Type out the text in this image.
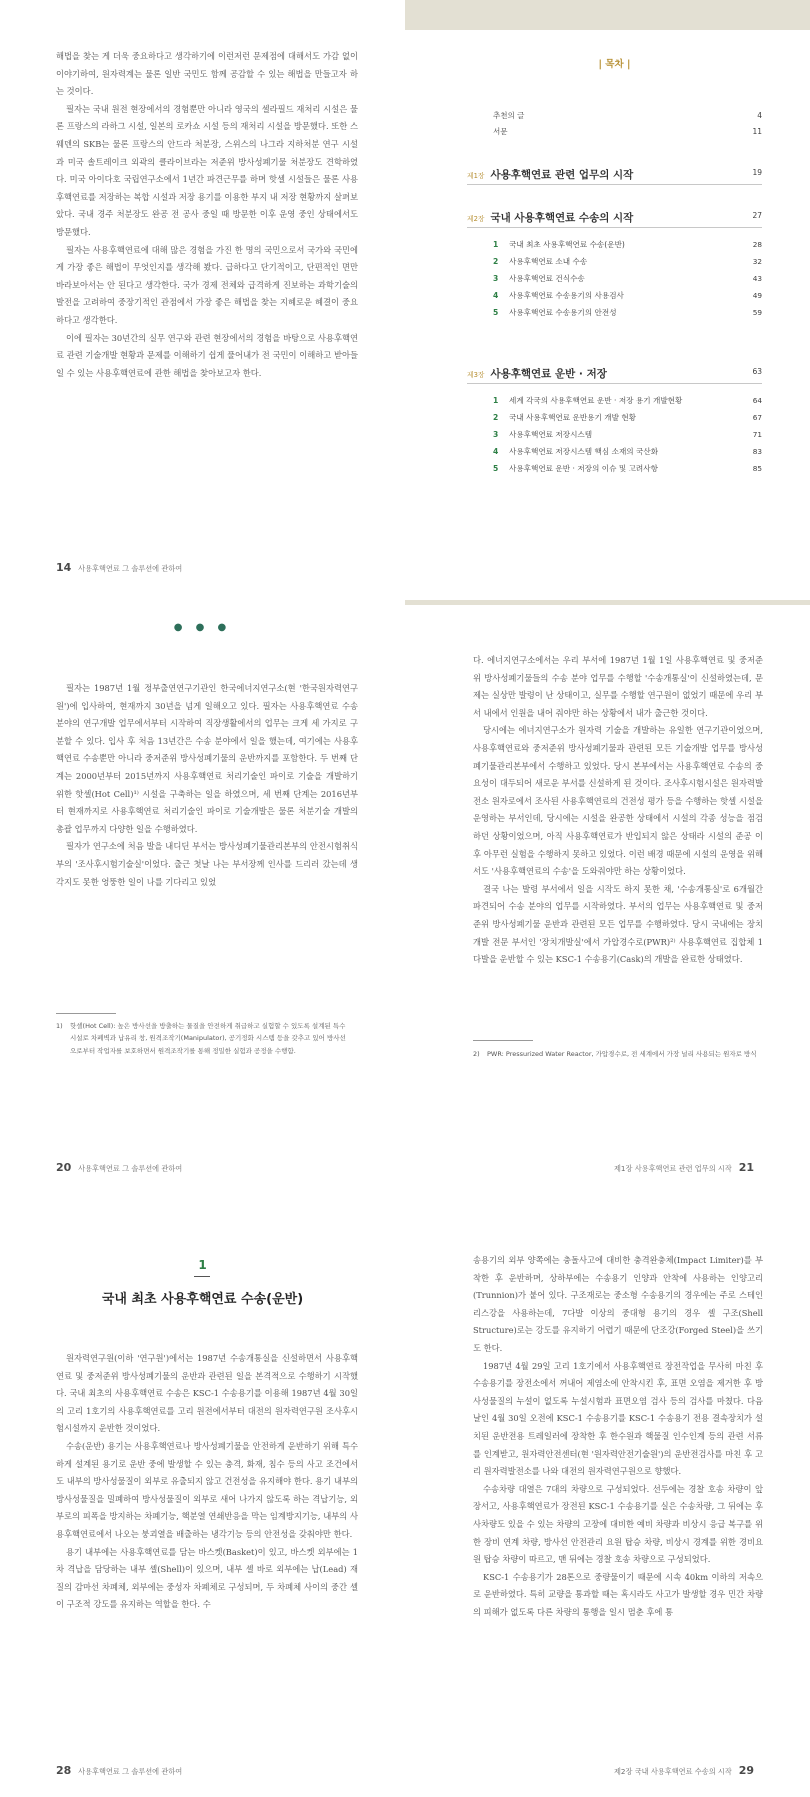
해법을 찾는 게 더욱 중요하다고 생각하기에 이런저런 문제점에 대해서도 가감 없이 이야기하여, 원자력계는 물론 일반 국민도 함께 공감할 수 있는 해법을 만들고자 하는 것이다.

필자는 국내 원전 현장에서의 경험뿐만 아니라 영국의 셀라필드 재처리 시설은 물론 프랑스의 라하그 시설, 일본의 로카쇼 시설 등의 재처리 시설을 방문했다. 또한 스웨덴의 SKB는 물론 프랑스의 안드라 처분장, 스위스의 나그라 지하처분 연구 시설과 미국 솔트레이크 외곽의 클라이브라는 저준위 방사성폐기물 처분장도 견학하였다. 미국 아이다호 국립연구소에서 1년간 파견근무를 하며 핫셀 시설들은 물론 사용후핵연료를 저장하는 복합 시설과 저장 용기를 이용한 부지 내 저장 현황까지 살펴보았다. 국내 경주 처분장도 완공 전 공사 중일 때 방문한 이후 운영 중인 상태에서도 방문했다.

필자는 사용후핵연료에 대해 많은 경험을 가진 한 명의 국민으로서 국가와 국민에게 가장 좋은 해법이 무엇인지를 생각해 봤다. 급하다고 단기적이고, 단편적인 면만 바라보아서는 안 된다고 생각한다. 국가 경제 전체와 급격하게 진보하는 과학기술의 발전을 고려하여 중장기적인 관점에서 가장 좋은 해법을 찾는 지혜로운 혜결이 중요하다고 생각한다.

이에 필자는 30년간의 실무 연구와 관련 현장에서의 경험을 바탕으로 사용후핵연료 관련 기술개발 현황과 문제를 이해하기 쉽게 풀어내가 전 국민이 이해하고 받아들일 수 있는 사용후핵연료에 관한 해법을 찾아보고자 한다.

14 사용후핵연료 그 솔루션에 관하여
| 목차 |
추천의 글	4
서문	11
제1장 사용후핵연료 관련 업무의 시작	19
제2장 국내 사용후핵연료 수송의 시작	27
1 국내 최초 사용후핵연료 수송(운반)	28
2 사용후핵연료 소내 수송	32
3 사용후핵연료 건식수송	43
4 사용후핵연료 수송용기의 사용검사	49
5 사용후핵연료 수송용기의 안전성	59
제3장 사용후핵연료 운반 · 저장	63
1 세계 각국의 사용후핵연료 운반 · 저장 용기 개발현황	64
2 국내 사용후핵연료 운반용기 개발 현황	67
3 사용후핵연료 저장시스템	71
4 사용후핵연료 저장시스템 핵심 소재의 국산화	83
5 사용후핵연료 운반 · 저장의 이슈 및 고려사항	85
● ● ●

필자는 1987년 1월 정부출연연구기관인 한국에너지연구소(현 '한국원자력연구원')에 입사하여, 현재까지 30년을 넘게 일해오고 있다. 필자는 사용후핵연료 수송 분야의 연구개발 업무에서부터 시작하여 직장생활에서의 업무는 크게 세 가지로 구분할 수 있다. 입사 후 처음 13년간은 수송 분야에서 일을 했는데, 여기에는 사용후핵연료 수송뿐만 아니라 중저준위 방사성폐기물의 운반까지를 포함한다. 두 번째 단계는 2000년부터 2015년까지 사용후핵연료 처리기술인 파이로 기술을 개발하기 위한 핫셀(Hot Cell)¹⁾ 시설을 구축하는 일을 하였으며, 세 번째 단계는 2016년부터 현재까지로 사용후핵연료 처리기술인 파이로 기술개발은 물론 처분기술 개발의 총괄 업무까지 다양한 일을 수행하였다.

필자가 연구소에 처음 발을 내디딘 부서는 방사성폐기물관리본부의 안전시험취식부의 '조사후시험기술실'이었다. 출근 첫날 나는 부서장께 인사를 드리러 갔는데 생각지도 못한 엉뚱한 일이 나를 기다리고 있었

1)	핫셀(Hot Cell): 높은 방사선을 방출하는 물질을 안전하게 취급하고 실험할 수 있도록 설계된 특수 시설로 차폐벽과 납유리 창, 원격조작기(Manipulator), 공기정화 시스템 등을 갖추고 있어 방사선으로부터 작업자를 보호하면서 원격조작기를 통해 정밀한 실험과 공정을 수행함.
20 사용후핵연료 그 솔루션에 관하여

다. 에너지연구소에서는 우리 부서에 1987년 1월 1일 사용후핵연료 및 중저준위 방사성폐기물들의 수송 분야 업무를 수행할 '수송개통실'이 신설하였는데, 문제는 실상만 발령이 난 상태이고, 실무를 수행할 연구원이 없었기 때문에 우리 부서 내에서 인원을 내어 줘야만 하는 상황에서 내가 출근한 것이다.

당시에는 에너지연구소가 원자력 기술을 개발하는 유일한 연구기관이었으며, 사용후핵연료와 중저준위 방사성폐기물과 관련된 모든 기술개발 업무를 방사성폐기물관리본부에서 수행하고 있었다. 당시 본부에서는 사용후핵연료 수송의 중요성이 대두되어 새로운 부서를 신설하게 된 것이다. 조사후시험시설은 원자력발전소 원자로에서 조사된 사용후핵연료의 건전성 평가 등을 수행하는 핫셀 시설을 운영하는 부서인데, 당시에는 시설을 완공한 상태에서 시설의 각종 성능을 점검하던 상황이었으며, 아직 사용후핵연료가 반입되지 않은 상태라 시설의 준공 이후 아무런 실험을 수행하지 못하고 있었다. 이런 배경 때문에 시설의 운영을 위해서도 '사용후핵연료의 수송'을 도와줘야만 하는 상황이었다.

결국 나는 발령 부서에서 일을 시작도 하지 못한 채, '수송개통실'로 6개월간 파견되어 수송 분야의 업무를 시작하였다. 부서의 업무는 사용후핵연료 및 중저준위 방사성폐기물 운반과 관련된 모든 업무를 수행하였다. 당시 국내에는 장치개발 전문 부서인 '장치개발실'에서 가압경수로(PWR)²⁾ 사용후핵연료 집합체 1다발을 운반할 수 있는 KSC-1 수송용기(Cask)의 개발을 완료한 상태였다.

2)	PWR: Pressurized Water Reactor, 가압경수로, 전 세계에서 가장 널리 사용되는 원자로 방식
제1장 사용후핵연료 관련 업무의 시작 21
1
국내 최초 사용후핵연료 수송(운반)

원자력연구원(이하 '연구원')에서는 1987년 수송개통실을 신설하면서 사용후핵연료 및 중저준위 방사성폐기물의 운반과 관련된 일을 본격적으로 수행하기 시작했다. 국내 최초의 사용후핵연료 수송은 KSC-1 수송용기를 이용해 1987년 4월 30일의 고리 1호기의 사용후핵연료를 고리 원전에서부터 대전의 원자력연구원 조사후시험시설까지 운반한 것이었다.

수송(운반) 용기는 사용후핵연료나 방사성폐기물을 안전하게 운반하기 위해 특수하게 설계된 용기로 운반 중에 발생할 수 있는 충격, 화재, 침수 등의 사고 조건에서도 내부의 방사성물질이 외부로 유출되지 않고 건전성을 유지해야 한다. 용기 내부의 방사성물질을 밀폐하여 방사성물질이 외부로 새어 나가지 않도록 하는 격납기능, 외부로의 피폭을 방지하는 차폐기능, 핵분열 연쇄반응을 막는 임계방지기능, 내부의 사용후핵연료에서 나오는 붕괴열을 배출하는 냉각기능 등의 안전성을 갖춰야만 한다.

용기 내부에는 사용후핵연료를 담는 바스켓(Basket)이 있고, 바스켓 외부에는 1차 격납을 담당하는 내부 셸(Shell)이 있으며, 내부 셸 바로 외부에는 납(Lead) 재질의 감마선 차폐체, 외부에는 중성자 차폐체로 구성되며, 두 차폐체 사이의 중간 셸이 구조적 강도를 유지하는 역할을 한다. 수

28 사용후핵연료 그 솔루션에 관하여

송용기의 외부 양쪽에는 충돌사고에 대비한 충격완충체(Impact Limiter)를 부착한 후 운반하며, 상하부에는 수송용기 인양과 안착에 사용하는 인양고리(Trunnion)가 붙어 있다. 구조재로는 중소형 수송용기의 경우에는 주로 스테인리스강을 사용하는데, 7다발 이상의 중대형 용기의 경우 셸 구조(Shell Structure)로는 강도를 유지하기 어렵기 때문에 단조강(Forged Steel)을 쓰기도 한다.

1987년 4월 29일 고리 1호기에서 사용후핵연료 장전작업을 무사히 마친 후 수송용기를 장전소에서 꺼내어 제염소에 안착시킨 후, 표면 오염을 제거한 후 방사성물질의 누설이 없도록 누설시험과 표면오염 검사 등의 검사를 마쳤다. 다음날인 4월 30일 오전에 KSC-1 수송용기를 KSC-1 수송용기 전용 결속장치가 설치된 운반전용 트레일러에 장착한 후 한수원과 핵물질 인수인계 등의 관련 서류를 인계받고, 원자력안전센터(현 '원자력안전기술원')의 운반전검사를 마친 후 고리 원자력발전소를 나와 대전의 원자력연구원으로 향했다.

수송차량 대열은 7대의 차량으로 구성되었다. 선두에는 경찰 호송 차량이 앞장서고, 사용후핵연료가 장전된 KSC-1 수송용기를 실은 수송차량, 그 뒤에는 후사차량도 있을 수 있는 차량의 고장에 대비한 예비 차량과 비상시 응급 복구를 위한 장비 연계 차량, 방사선 안전관리 요원 탑승 차량, 비상시 경계를 위한 경비요원 탑승 차량이 따르고, 맨 뒤에는 경찰 호송 차량으로 구성되었다.

KSC-1 수송용기가 28톤으로 중량물이기 때문에 시속 40km 이하의 저속으로 운반하였다. 특히 교량을 통과할 때는 혹시라도 사고가 발생할 경우 민간 차량의 피해가 없도록 다른 차량의 통행을 일시 멈춘 후에 통

제2장 국내 사용후핵연료 수송의 시작 29
